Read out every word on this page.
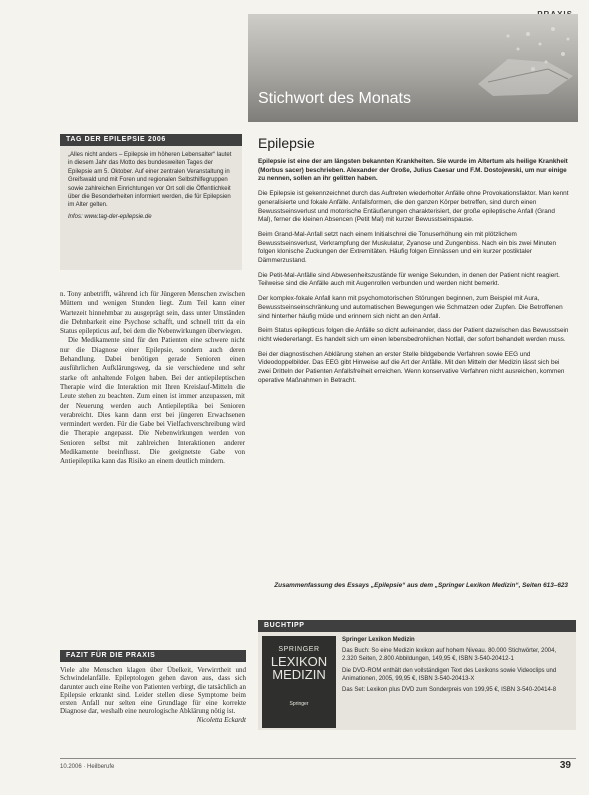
Stichwort des Monats
TAG DER EPILEPSIE 2006
„Alles nicht anders – Epilepsie im höheren Lebensalter“ lautet in diesem Jahr das Motto des bundesweiten Tages der Epilepsie am 5. Oktober. Auf einer zentralen Veranstaltung in Greifswald und mit Foren und regionalen Selbsthilfegruppen sowie zahlreichen Einrichtungen vor Ort soll die Öffentlichkeit über die Besonderheiten informiert werden, die für Epilepsien im Alter gelten.
Infos: www.tag-der-epilepsie.de

n. Tony anbetrifft, während ich für Jüngeren Menschen zwischen Müttern und wenigen Stunden liegt. Zum Teil kann einer Wartezeit hinnehmbar zu ausgeprägt sein, dass unter Umständen die Dehnbarkeit eine Psychose schafft, und schnell tritt da ein Status epilepticus auf, bei dem die Nebenwirkungen überwiegen.

Die Medikamente sind für den Patienten eine schwere nicht nur die Diagnose einer Epilepsie, sondern auch deren Behandlung. Dabei benötigen gerade Senioren einen ausführlichen Aufklärungsweg, da sie verschiedene und sehr starke oft anhaltende Folgen haben. Bei der antiepileptischen Therapie wird die Interaktion mit Ihren Kreislauf-Mitteln die Leute stehen zu beachten. Zum einen ist immer anzupassen, mit der Neuerung werden auch Antiepileptika bei Senioren verabreicht. Dies kann dann erst bei jüngeren Erwachsenen vermindert werden. Für die Gabe bei Vielfachverschreibung wird die Therapie angepasst. Die Nebenwirkungen werden von Senioren selbst mit zahlreichen Interaktionen anderer Medikamente beeinflusst. Die geeignetste Gabe von Antiepileptika kann das Risiko an einem deutlich mindern.

FAZIT FÜR DIE PRAXIS
Viele alte Menschen klagen über Übelkeit, Verwirrtheit und Schwindelanfälle. Epileptologen gehen davon aus, dass sich darunter auch eine Reihe von Patienten verbirgt, die tatsächlich an Epilepsie erkrankt sind. Leider stellen diese Symptome beim ersten Anfall nur selten eine Grundlage für eine korrekte Diagnose dar, weshalb eine neurologische Abklärung nötig ist.
Nicoletta Eckardt
Epilepsie

Epilepsie ist eine der am längsten bekannten Krankheiten. Sie wurde im Altertum als heilige Krankheit (Morbus sacer) beschrieben. Alexander der Große, Julius Caesar und F.M. Dostojewski, um nur einige zu nennen, sollen an ihr gelitten haben.

Die Epilepsie ist gekennzeichnet durch das Auftreten wiederholter Anfälle ohne Provokationsfaktor. Man kennt generalisierte und fokale Anfälle. Anfallsformen, die den ganzen Körper betreffen, sind durch einen Bewusstseinsverlust und motorische Entäußerungen charakterisiert, der große epileptische Anfall (Grand Mal), ferner die kleinen Absencen (Petit Mal) mit kurzer Bewusstseinspause.

Beim Grand-Mal-Anfall setzt nach einem Initialschrei die Tonuserhöhung ein mit plötzlichem Bewusstseinsverlust, Verkrampfung der Muskulatur, Zyanose und Zungenbiss. Nach ein bis zwei Minuten folgen klonische Zuckungen der Extremitäten. Häufig folgen Einnässen und ein kurzer postiktaler Dämmerzustand.

Die Petit-Mal-Anfälle sind Abwesenheitszustände für wenige Sekunden, in denen der Patient nicht reagiert. Teilweise sind die Anfälle auch mit Augenrollen verbunden und werden nicht bemerkt.

Der komplex-fokale Anfall kann mit psychomotorischen Störungen beginnen, zum Beispiel mit Aura, Bewusstseinseinschränkung und automatischen Bewegungen wie Schmatzen oder Zupfen. Die Betroffenen sind hinterher häufig müde und erinnern sich nicht an den Anfall.

Beim Status epilepticus folgen die Anfälle so dicht aufeinander, dass der Patient dazwischen das Bewusstsein nicht wiedererlangt. Es handelt sich um einen lebensbedrohlichen Notfall, der sofort behandelt werden muss.

Bei der diagnostischen Abklärung stehen an erster Stelle bildgebende Verfahren sowie EEG und Videodoppelbilder. Das EEG gibt Hinweise auf die Art der Anfälle. Mit den Mitteln der Medizin lässt sich bei zwei Dritteln der Patienten Anfallsfreiheit erreichen. Wenn konservative Verfahren nicht ausreichen, kommen operative Maßnahmen in Betracht.

Zusammenfassung des Essays „Epilepsie“ aus dem „Springer Lexikon Medizin“, Seiten 613–623
BUCHTIPP
SPRINGER
LEXIKON
MEDIZIN
Springer

Springer Lexikon Medizin

Das Buch: So eine Medizin lexikon auf hohem Niveau. 80.000 Stichwörter, 2004, 2.320 Seiten, 2.800 Abbildungen, 149,95 €, ISBN 3-540-20412-1

Die DVD-ROM enthält den vollständigen Text des Lexikons sowie Videoclips und Animationen, 2005, 99,95 €, ISBN 3-540-20413-X

Das Set: Lexikon plus DVD zum Sonderpreis von 199,95 €, ISBN 3-540-20414-8

10.2006 · Heilberufe	39
